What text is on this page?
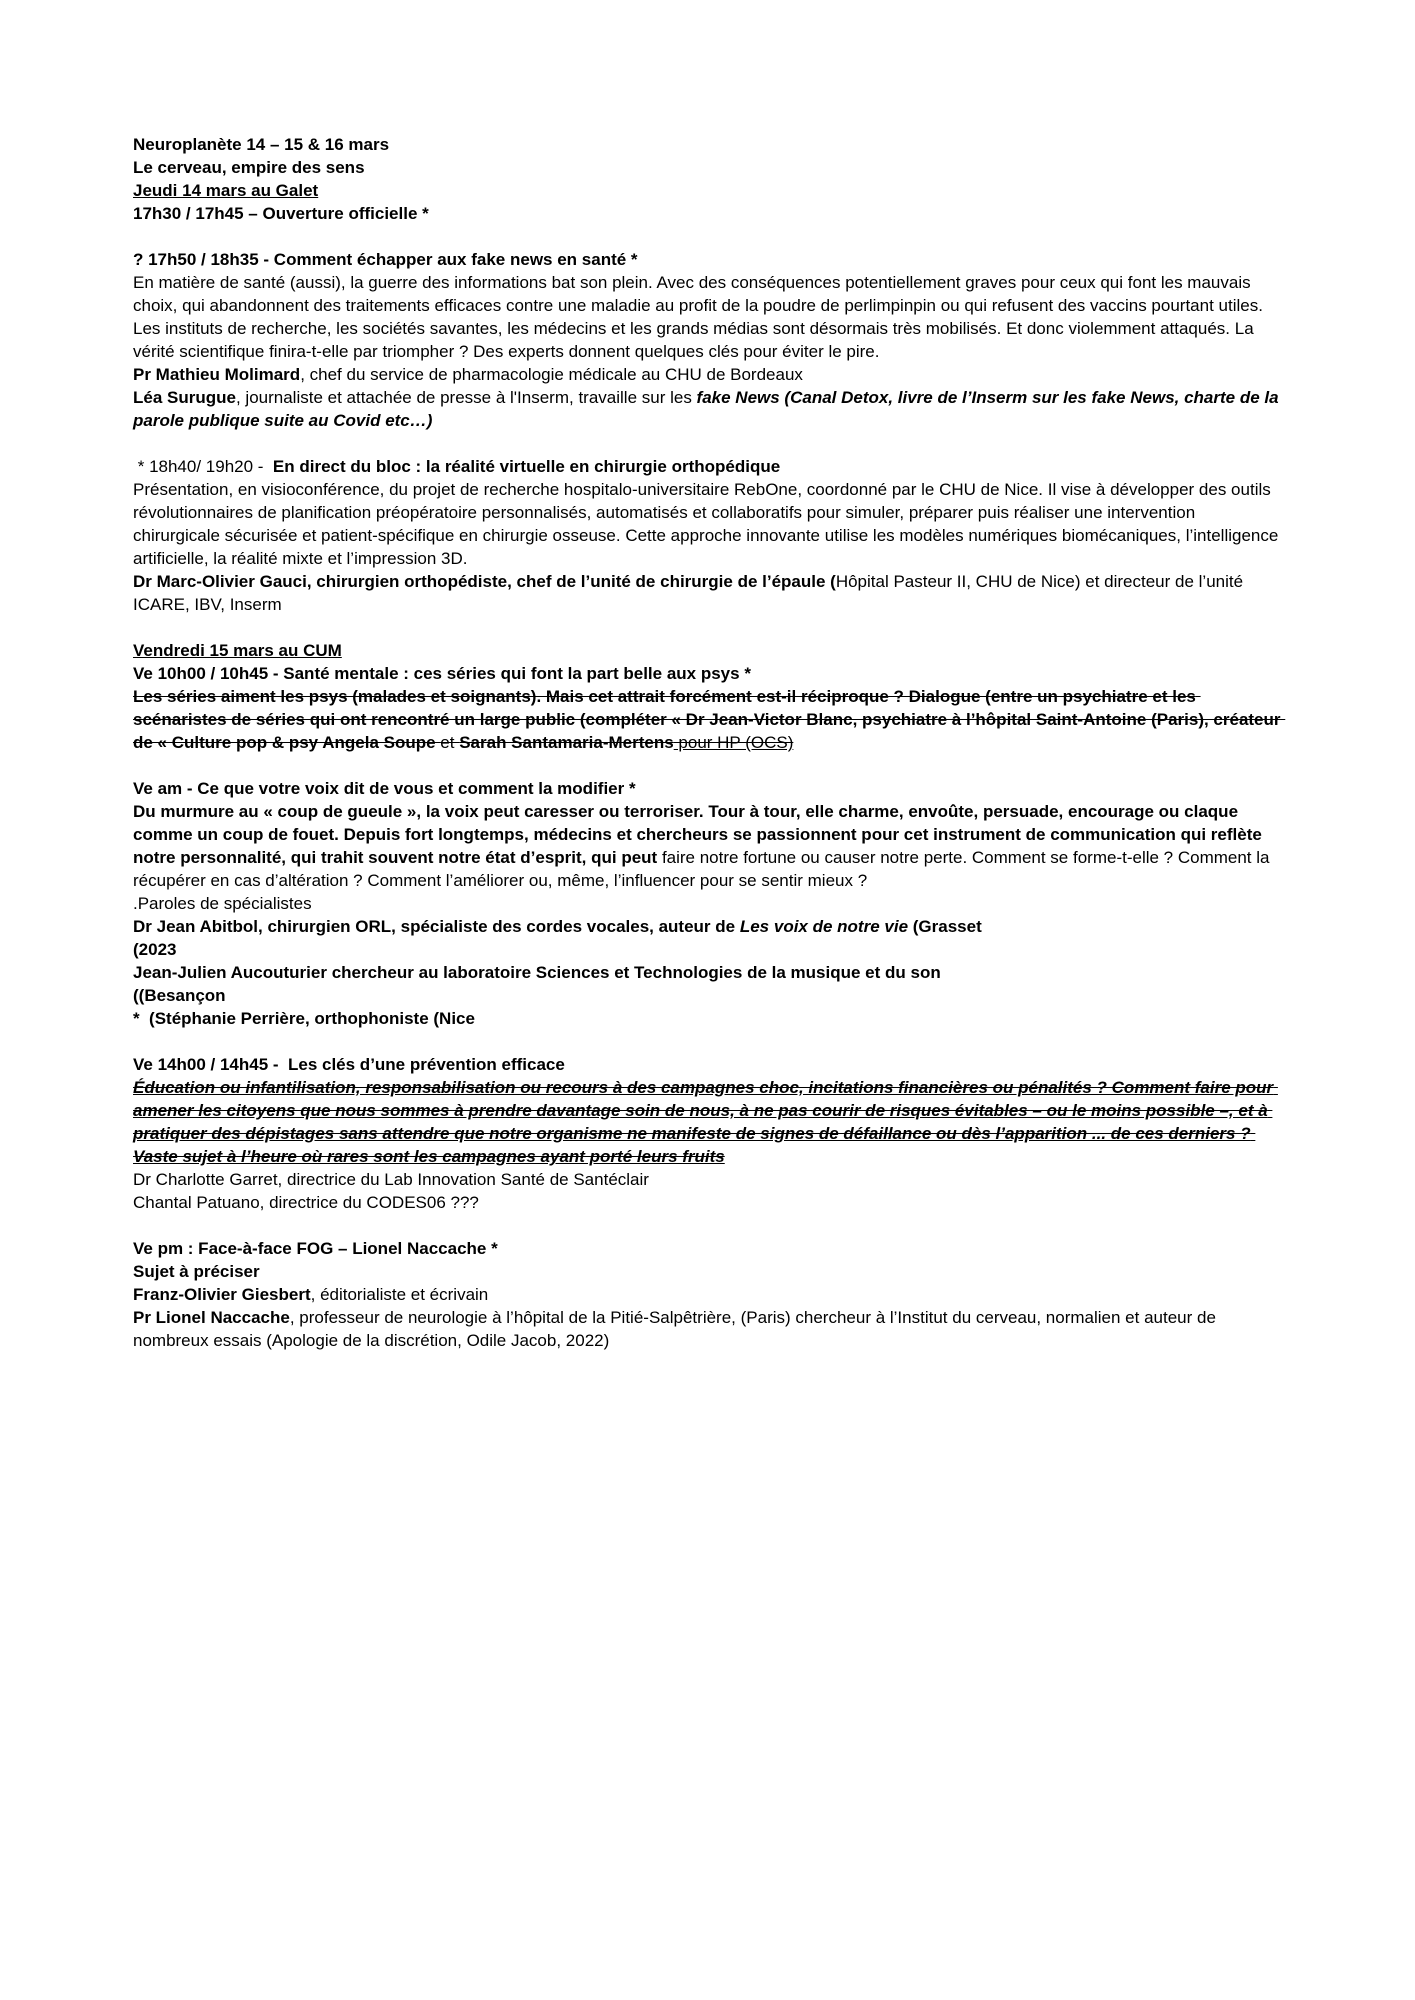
Neuroplanète 14 – 15 & 16 mars

Le cerveau, empire des sens

Jeudi 14 mars au Galet

17h30 / 17h45 – Ouverture officielle *

? 17h50 / 18h35 - Comment échapper aux fake news en santé *

En matière de santé (aussi), la guerre des informations bat son plein. Avec des conséquences potentiellement graves pour ceux qui font les mauvais choix, qui abandonnent des traitements efficaces contre une maladie au profit de la poudre de perlimpinpin ou qui refusent des vaccins pourtant utiles. Les instituts de recherche, les sociétés savantes, les médecins et les grands médias sont désormais très mobilisés. Et donc violemment attaqués. La vérité scientifique finira-t-elle par triompher ? Des experts donnent quelques clés pour éviter le pire.

Pr Mathieu Molimard, chef du service de pharmacologie médicale au CHU de Bordeaux

Léa Surugue, journaliste et attachée de presse à l'Inserm, travaille sur les fake News (Canal Detox, livre de l’Inserm sur les fake News, charte de la parole publique suite au Covid etc…)

* 18h40/ 19h20 -  En direct du bloc : la réalité virtuelle en chirurgie orthopédique

Présentation, en visioconférence, du projet de recherche hospitalo-universitaire RebOne, coordonné par le CHU de Nice. Il vise à développer des outils révolutionnaires de planification préopératoire personnalisés, automatisés et collaboratifs pour simuler, préparer puis réaliser une intervention chirurgicale sécurisée et patient-spécifique en chirurgie osseuse. Cette approche innovante utilise les modèles numériques biomécaniques, l’intelligence artificielle, la réalité mixte et l’impression 3D.

Dr Marc-Olivier Gauci, chirurgien orthopédiste, chef de l’unité de chirurgie de l’épaule (Hôpital Pasteur II, CHU de Nice) et directeur de l’unité ICARE, IBV, Inserm

Vendredi 15 mars au CUM

Ve 10h00 / 10h45 - Santé mentale : ces séries qui font la part belle aux psys *

Les séries aiment les psys (malades et soignants). Mais cet attrait forcément est-il réciproque ? Dialogue (entre un psychiatre et les scénaristes de séries qui ont rencontré un large public (compléter « Dr Jean-Victor Blanc, psychiatre à l’hôpital Saint-Antoine (Paris), créateur de « Culture pop & psy Angela Soupe et Sarah Santamaria-Mertens pour HP (OCS)

Ve am - Ce que votre voix dit de vous et comment la modifier *

Du murmure au « coup de gueule », la voix peut caresser ou terroriser. Tour à tour, elle charme, envoûte, persuade, encourage ou claque comme un coup de fouet. Depuis fort longtemps, médecins et chercheurs se passionnent pour cet instrument de communication qui reflète notre personnalité, qui trahit souvent notre état d’esprit, qui peut faire notre fortune ou causer notre perte. Comment se forme-t-elle ? Comment la récupérer en cas d’altération ? Comment l’améliorer ou, même, l’influencer pour se sentir mieux ?

.Paroles de spécialistes

Dr Jean Abitbol, chirurgien ORL, spécialiste des cordes vocales, auteur de Les voix de notre vie (Grasset

(2023

Jean-Julien Aucouturier chercheur au laboratoire Sciences et Technologies de la musique et du son

((Besançon

*  (Stéphanie Perrière, orthophoniste (Nice

Ve 14h00 / 14h45 -  Les clés d’une prévention efficace

Éducation ou infantilisation, responsabilisation ou recours à des campagnes choc, incitations financières ou pénalités ? Comment faire pour amener les citoyens que nous sommes à prendre davantage soin de nous, à ne pas courir de risques évitables – ou le moins possible –, et à pratiquer des dépistages sans attendre que notre organisme ne manifeste de signes de défaillance ou dès l’apparition ... de ces derniers ? Vaste sujet à l’heure où rares sont les campagnes ayant porté leurs fruits

Dr Charlotte Garret, directrice du Lab Innovation Santé de Santéclair

Chantal Patuano, directrice du CODES06 ???

Ve pm : Face-à-face FOG – Lionel Naccache *

Sujet à préciser

Franz-Olivier Giesbert, éditorialiste et écrivain

Pr Lionel Naccache, professeur de neurologie à l’hôpital de la Pitié-Salpêtrière, (Paris) chercheur à l’Institut du cerveau, normalien et auteur de nombreux essais (Apologie de la discrétion, Odile Jacob, 2022)
